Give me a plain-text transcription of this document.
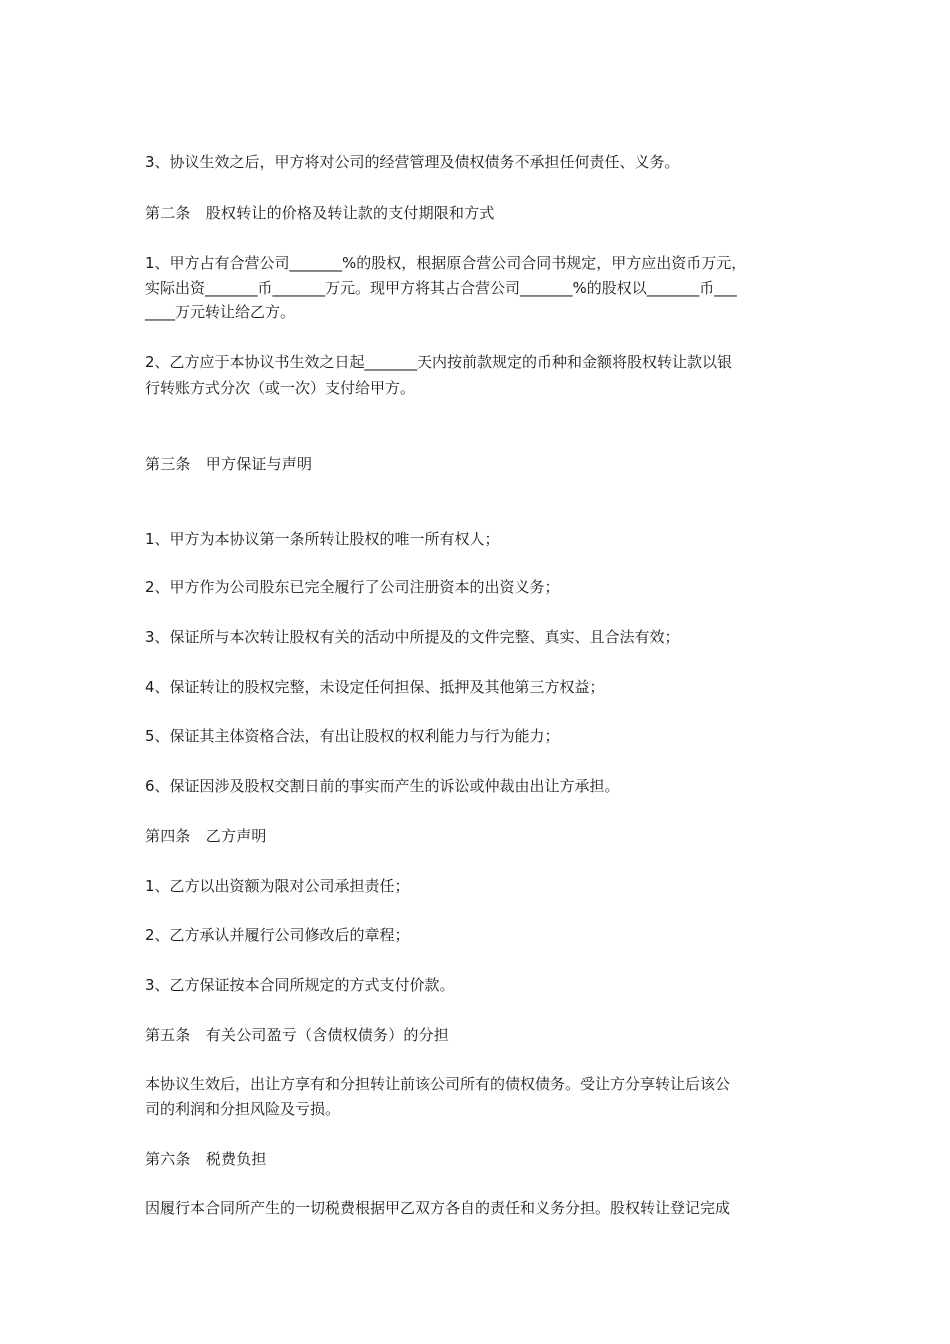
3、协议生效之后，甲方将对公司的经营管理及债权债务不承担任何责任、义务。

第二条　股权转让的价格及转让款的支付期限和方式

1、甲方占有合营公司_______%的股权，根据原合营公司合同书规定，甲方应出资币万元，

实际出资_______币_______万元。现甲方将其占合营公司_______%的股权以_______币___

____万元转让给乙方。

2、乙方应于本协议书生效之日起_______天内按前款规定的币种和金额将股权转让款以银

行转账方式分次（或一次）支付给甲方。

第三条　甲方保证与声明

1、甲方为本协议第一条所转让股权的唯一所有权人；

2、甲方作为公司股东已完全履行了公司注册资本的出资义务；

3、保证所与本次转让股权有关的活动中所提及的文件完整、真实、且合法有效；

4、保证转让的股权完整，未设定任何担保、抵押及其他第三方权益；

5、保证其主体资格合法，有出让股权的权利能力与行为能力；

6、保证因涉及股权交割日前的事实而产生的诉讼或仲裁由出让方承担。

第四条　乙方声明

1、乙方以出资额为限对公司承担责任；

2、乙方承认并履行公司修改后的章程；

3、乙方保证按本合同所规定的方式支付价款。

第五条　有关公司盈亏（含债权债务）的分担

本协议生效后，出让方享有和分担转让前该公司所有的债权债务。受让方分享转让后该公

司的利润和分担风险及亏损。

第六条　税费负担

因履行本合同所产生的一切税费根据甲乙双方各自的责任和义务分担。股权转让登记完成
